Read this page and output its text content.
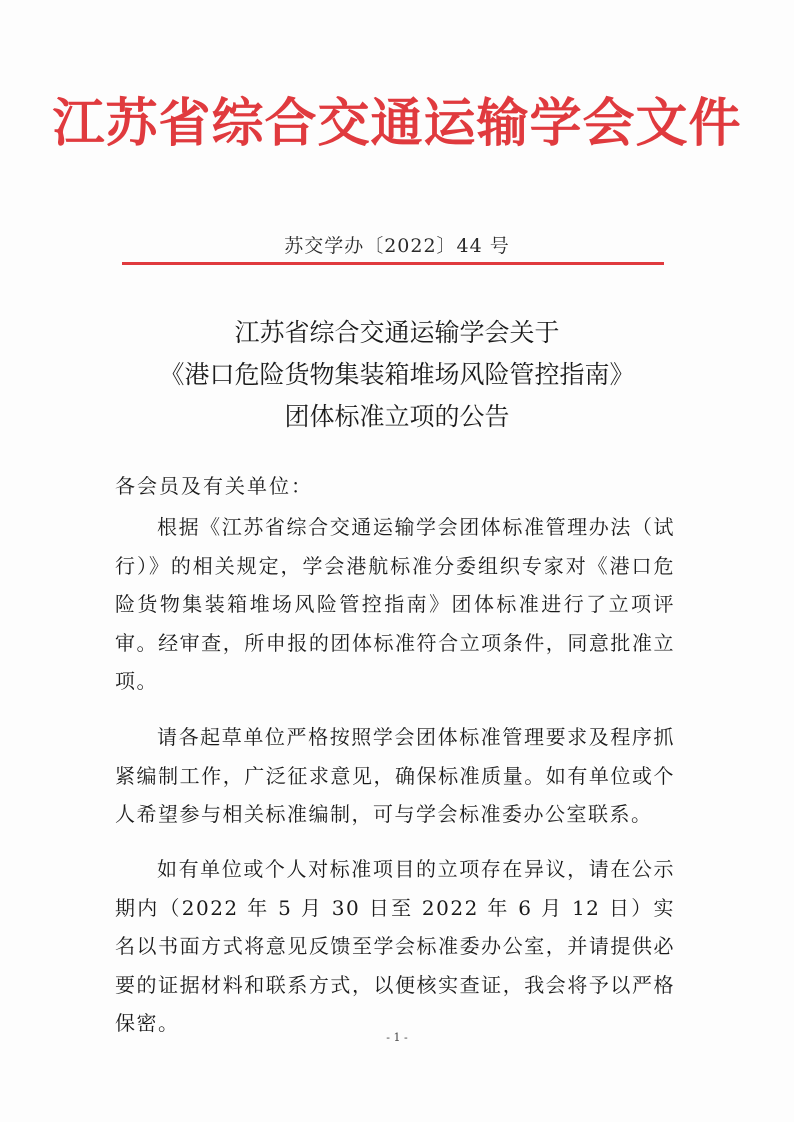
江苏省综合交通运输学会文件
苏交学办〔2022〕44 号
江苏省综合交通运输学会关于
《港口危险货物集装箱堆场风险管控指南》
团体标准立项的公告
各会员及有关单位：
根据《江苏省综合交通运输学会团体标准管理办法（试行）》的相关规定，学会港航标准分委组织专家对《港口危险货物集装箱堆场风险管控指南》团体标准进行了立项评审。经审查，所申报的团体标准符合立项条件，同意批准立项。
请各起草单位严格按照学会团体标准管理要求及程序抓紧编制工作，广泛征求意见，确保标准质量。如有单位或个人希望参与相关标准编制，可与学会标准委办公室联系。
如有单位或个人对标准项目的立项存在异议，请在公示期内（2022 年 5 月 30 日至 2022 年 6 月 12 日）实名以书面方式将意见反馈至学会标准委办公室，并请提供必要的证据材料和联系方式，以便核实查证，我会将予以严格保密。
- 1 -
